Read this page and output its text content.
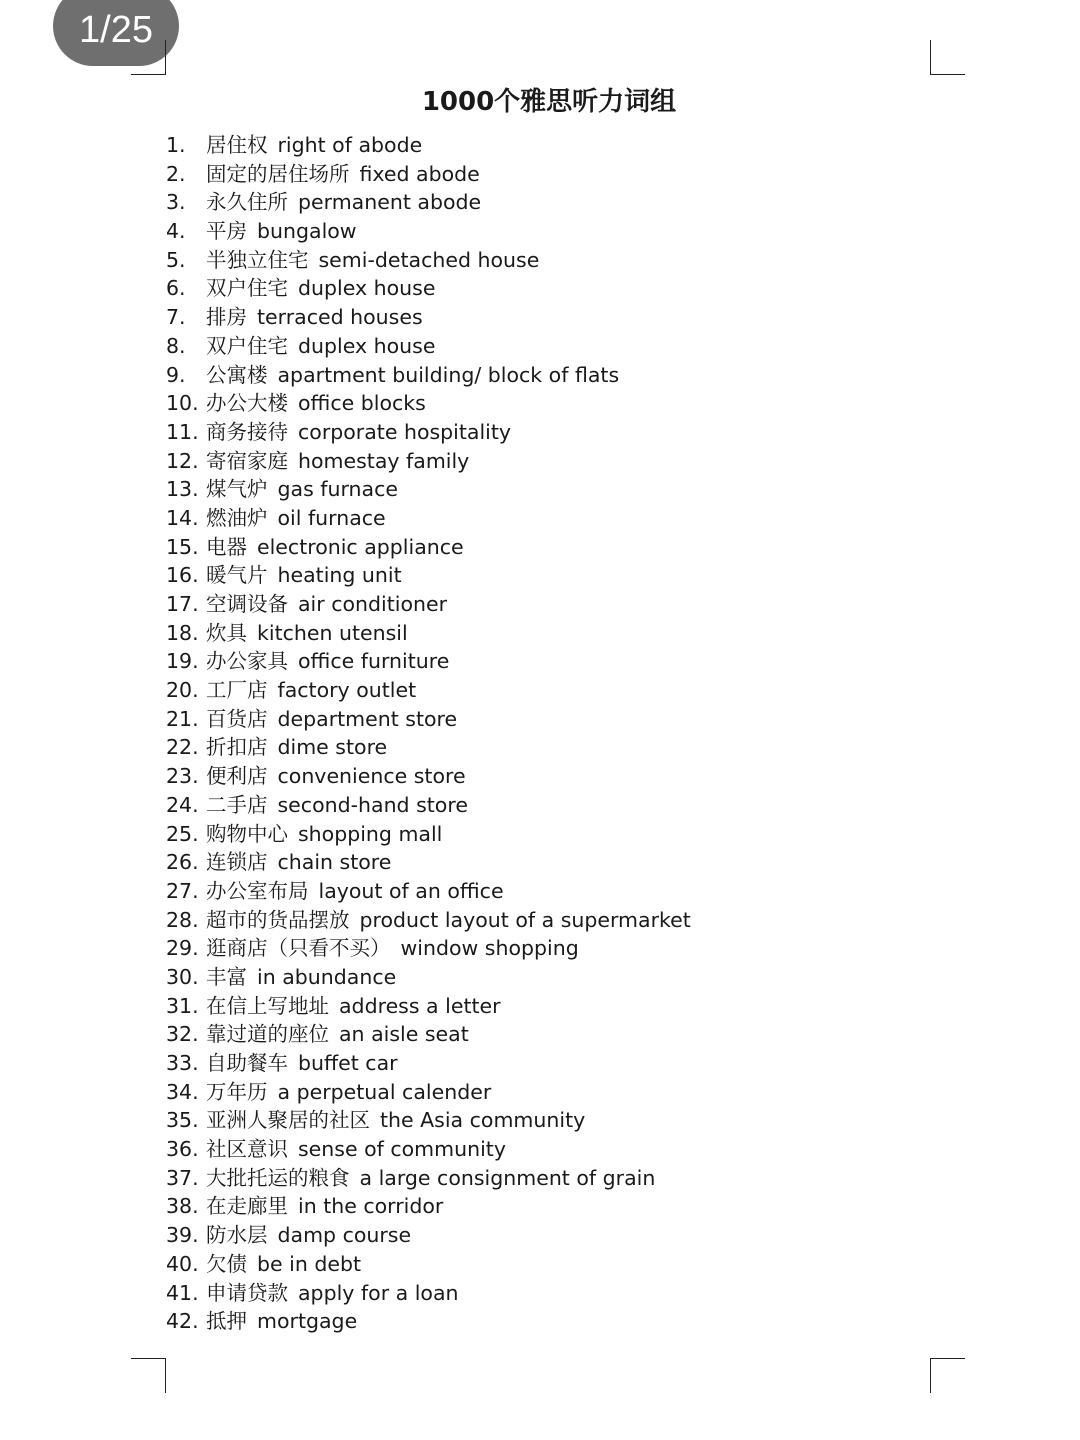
1/25
1000个雅思听力词组
1. 居住权 right of abode
2. 固定的居住场所 fixed abode
3. 永久住所 permanent abode
4. 平房 bungalow
5. 半独立住宅 semi-detached house
6. 双户住宅 duplex house
7. 排房 terraced houses
8. 双户住宅 duplex house
9. 公寓楼 apartment building/ block of flats
10. 办公大楼 office blocks
11. 商务接待 corporate hospitality
12. 寄宿家庭 homestay family
13. 煤气炉 gas furnace
14. 燃油炉 oil furnace
15. 电器 electronic appliance
16. 暖气片 heating unit
17. 空调设备 air conditioner
18. 炊具 kitchen utensil
19. 办公家具 office furniture
20. 工厂店 factory outlet
21. 百货店 department store
22. 折扣店 dime store
23. 便利店 convenience store
24. 二手店 second-hand store
25. 购物中心 shopping mall
26. 连锁店 chain store
27. 办公室布局 layout of an office
28. 超市的货品摆放 product layout of a supermarket
29. 逛商店（只看不买） window shopping
30. 丰富 in abundance
31. 在信上写地址 address a letter
32. 靠过道的座位 an aisle seat
33. 自助餐车 buffet car
34. 万年历 a perpetual calender
35. 亚洲人聚居的社区 the Asia community
36. 社区意识 sense of community
37. 大批托运的粮食 a large consignment of grain
38. 在走廊里 in the corridor
39. 防水层 damp course
40. 欠债 be in debt
41. 申请贷款 apply for a loan
42. 抵押 mortgage
